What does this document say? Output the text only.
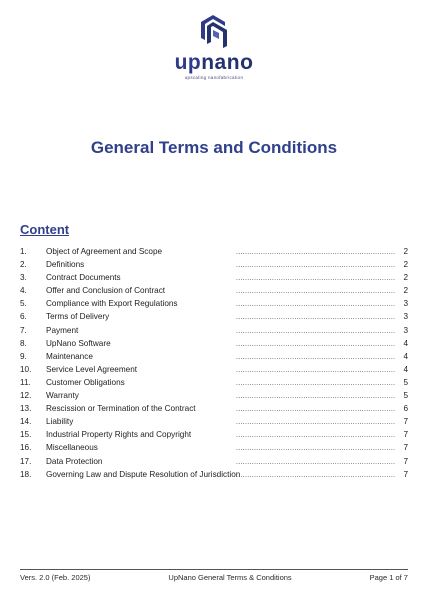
upnano
upscaling nanofabrication
General Terms and Conditions
Content
1.	Object of Agreement and Scope .....	2
2.	Definitions .....	2
3.	Contract Documents .....	2
4.	Offer and Conclusion of Contract .....	2
5.	Compliance with Export Regulations .....	3
6.	Terms of Delivery .....	3
7.	Payment .....	3
8.	UpNano Software .....	4
9.	Maintenance .....	4
10.	Service Level Agreement .....	4
11.	Customer Obligations .....	5
12.	Warranty .....	5
13.	Rescission or Termination of the Contract .....	6
14.	Liability .....	7
15.	Industrial Property Rights and Copyright .....	7
16.	Miscellaneous .....	7
17.	Data Protection .....	7
18.	Governing Law and Dispute Resolution of Jurisdiction .....	7
Vers. 2.0 (Feb. 2025)	UpNano General Terms & Conditions	Page 1 of 7
